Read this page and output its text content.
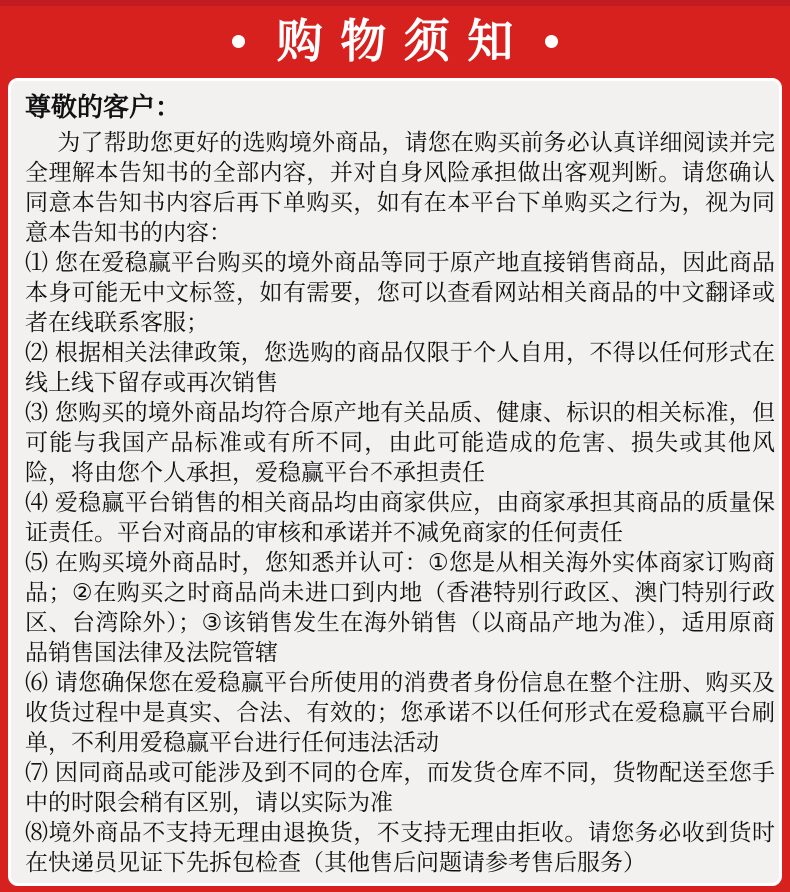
购物须知
尊敬的客户：

为了帮助您更好的选购境外商品，请您在购买前务必认真详细阅读并完全理解本告知书的全部内容，并对自身风险承担做出客观判断。请您确认同意本告知书内容后再下单购买，如有在本平台下单购买之行为，视为同意本告知书的内容：

⑴ 您在爱稳赢平台购买的境外商品等同于原产地直接销售商品，因此商品本身可能无中文标签，如有需要，您可以查看网站相关商品的中文翻译或者在线联系客服；

⑵ 根据相关法律政策，您选购的商品仅限于个人自用，不得以任何形式在线上线下留存或再次销售

⑶ 您购买的境外商品均符合原产地有关品质、健康、标识的相关标准，但可能与我国产品标准或有所不同，由此可能造成的危害、损失或其他风险，将由您个人承担，爱稳赢平台不承担责任

⑷ 爱稳赢平台销售的相关商品均由商家供应，由商家承担其商品的质量保证责任。平台对商品的审核和承诺并不减免商家的任何责任

⑸ 在购买境外商品时，您知悉并认可：①您是从相关海外实体商家订购商品；②在购买之时商品尚未进口到内地（香港特别行政区、澳门特别行政区、台湾除外）；③该销售发生在海外销售（以商品产地为准），适用原商品销售国法律及法院管辖

⑹ 请您确保您在爱稳赢平台所使用的消费者身份信息在整个注册、购买及收货过程中是真实、合法、有效的；您承诺不以任何形式在爱稳赢平台刷单，不利用爱稳赢平台进行任何违法活动

⑺ 因同商品或可能涉及到不同的仓库，而发货仓库不同，货物配送至您手中的时限会稍有区别，请以实际为准

⑻境外商品不支持无理由退换货，不支持无理由拒收。请您务必收到货时在快递员见证下先拆包检查（其他售后问题请参考售后服务）
